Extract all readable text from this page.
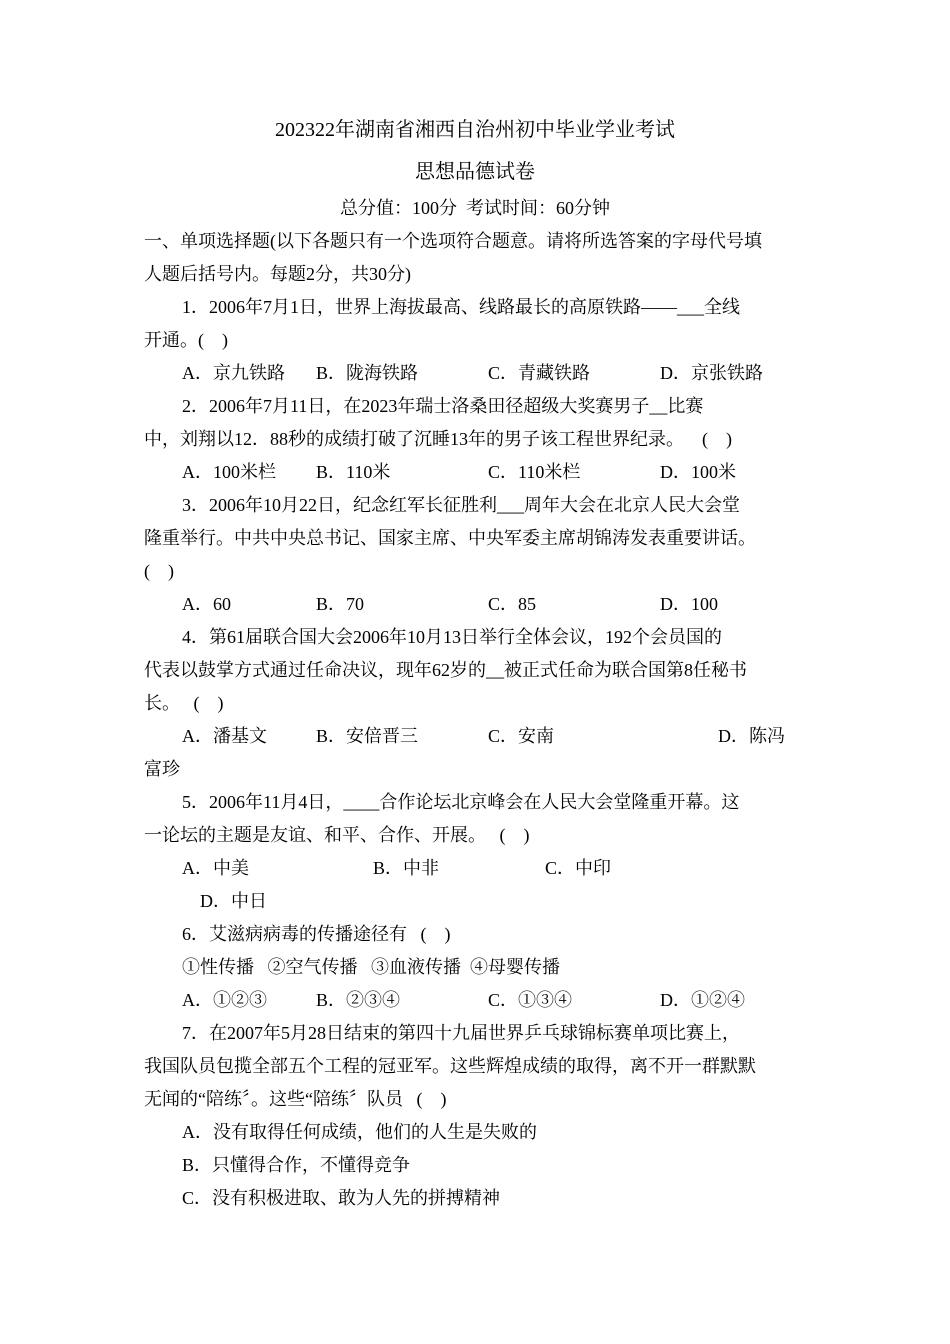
202322年湖南省湘西自治州初中毕业学业考试
思想品德试卷
总分值：100分  考试时间：60分钟
一、单项选择题(以下各题只有一个选项符合题意。请将所选答案的字母代号填
人题后括号内。每题2分，共30分)
1．2006年7月1日，世界上海拔最高、线路最长的高原铁路——___全线
开通。(    )
A．京九铁路 B．陇海铁路	C．青藏铁路	D．京张铁路
2．2006年7月11日，在2023年瑞士洛桑田径超级大奖赛男子__比赛
中，刘翔以12．88秒的成绩打破了沉睡13年的男子该工程世界纪录。    (    )
A．100米栏 B．110米	C．110米栏	D．100米
3．2006年10月22日，纪念红军长征胜利___周年大会在北京人民大会堂
隆重举行。中共中央总书记、国家主席、中央军委主席胡锦涛发表重要讲话。
(    )
A．60	B．70	C．85	D．100
4．第61届联合国大会2006年10月13日举行全体会议，192个会员国的
代表以鼓掌方式通过任命决议，现年62岁的__被正式任命为联合国第8任秘书
长。   (    )
A．潘基文	B．安倍晋三	C．安南	D．陈冯
富珍
5．2006年11月4日，____合作论坛北京峰会在人民大会堂隆重开幕。这
一论坛的主题是友谊、和平、合作、开展。   (    )
A．中美	B．中非	C．中印
D．中日
6．艾滋病病毒的传播途径有   (    )
①性传播   ②空气传播   ③血液传播  ④母婴传播
A．①②③	B．②③④	C．①③④	D．①②④
7．在2007年5月28日结束的第四十九届世界乒乓球锦标赛单项比赛上，
我国队员包揽全部五个工程的冠亚军。这些辉煌成绩的取得，离不开一群默默
无闻的“陪练〞。这些“陪练〞队员   (    )
A．没有取得任何成绩，他们的人生是失败的
B．只懂得合作，不懂得竞争
C．没有积极进取、敢为人先的拼搏精神
